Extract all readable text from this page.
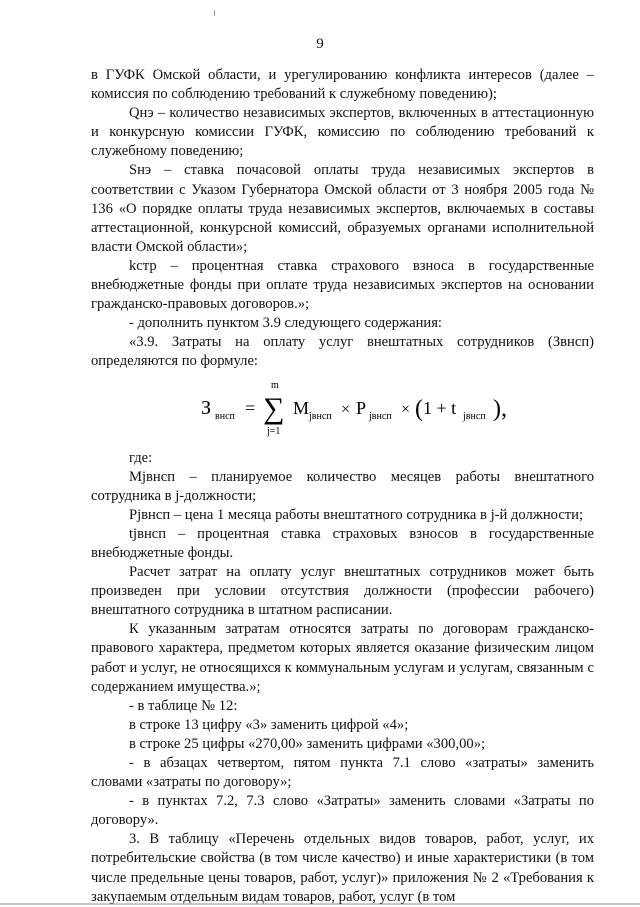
9

в ГУФК Омской области, и урегулированию конфликта интересов (далее – комиссия по соблюдению требований к служебному поведению);

Qнэ – количество независимых экспертов, включенных в аттестационную и конкурсную комиссии ГУФК, комиссию по соблюдению требований к служебному поведению;

Sнэ – ставка почасовой оплаты труда независимых экспертов в соответствии с Указом Губернатора Омской области от 3 ноября 2005 года № 136 «О порядке оплаты труда независимых экспертов, включаемых в составы аттестационной, конкурсной комиссий, образуемых органами исполнительной власти Омской области»;

kстр – процентная ставка страхового взноса в государственные внебюджетные фонды при оплате труда независимых экспертов на основании гражданско-правовых договоров.»;

- дополнить пунктом 3.9 следующего содержания:

«3.9. Затраты на оплату услуг внештатных сотрудников (Звнсп) определяются по формуле:

З внсп =
m
∑
j=1
M jвнсп × P jвнсп × ( 1 + t jвнсп ),

где:

Mjвнсп – планируемое количество месяцев работы внештатного сотрудника в j-должности;

Pjвнсп – цена 1 месяца работы внештатного сотрудника в j-й должности;

tjвнсп – процентная ставка страховых взносов в государственные внебюджетные фонды.

Расчет затрат на оплату услуг внештатных сотрудников может быть произведен при условии отсутствия должности (профессии рабочего) внештатного сотрудника в штатном расписании.

К указанным затратам относятся затраты по договорам гражданско-правового характера, предметом которых является оказание физическим лицом работ и услуг, не относящихся к коммунальным услугам и услугам, связанным с содержанием имущества.»;

- в таблице № 12:

в строке 13 цифру «3» заменить цифрой «4»;

в строке 25 цифры «270,00» заменить цифрами «300,00»;

- в абзацах четвертом, пятом пункта 7.1 слово «затраты» заменить словами «затраты по договору»;

- в пунктах 7.2, 7.3 слово «Затраты» заменить словами «Затраты по договору».

3. В таблицу «Перечень отдельных видов товаров, работ, услуг, их потребительские свойства (в том числе качество) и иные характеристики (в том числе предельные цены товаров, работ, услуг)» приложения № 2 «Требования к закупаемым отдельным видам товаров, работ, услуг (в том
